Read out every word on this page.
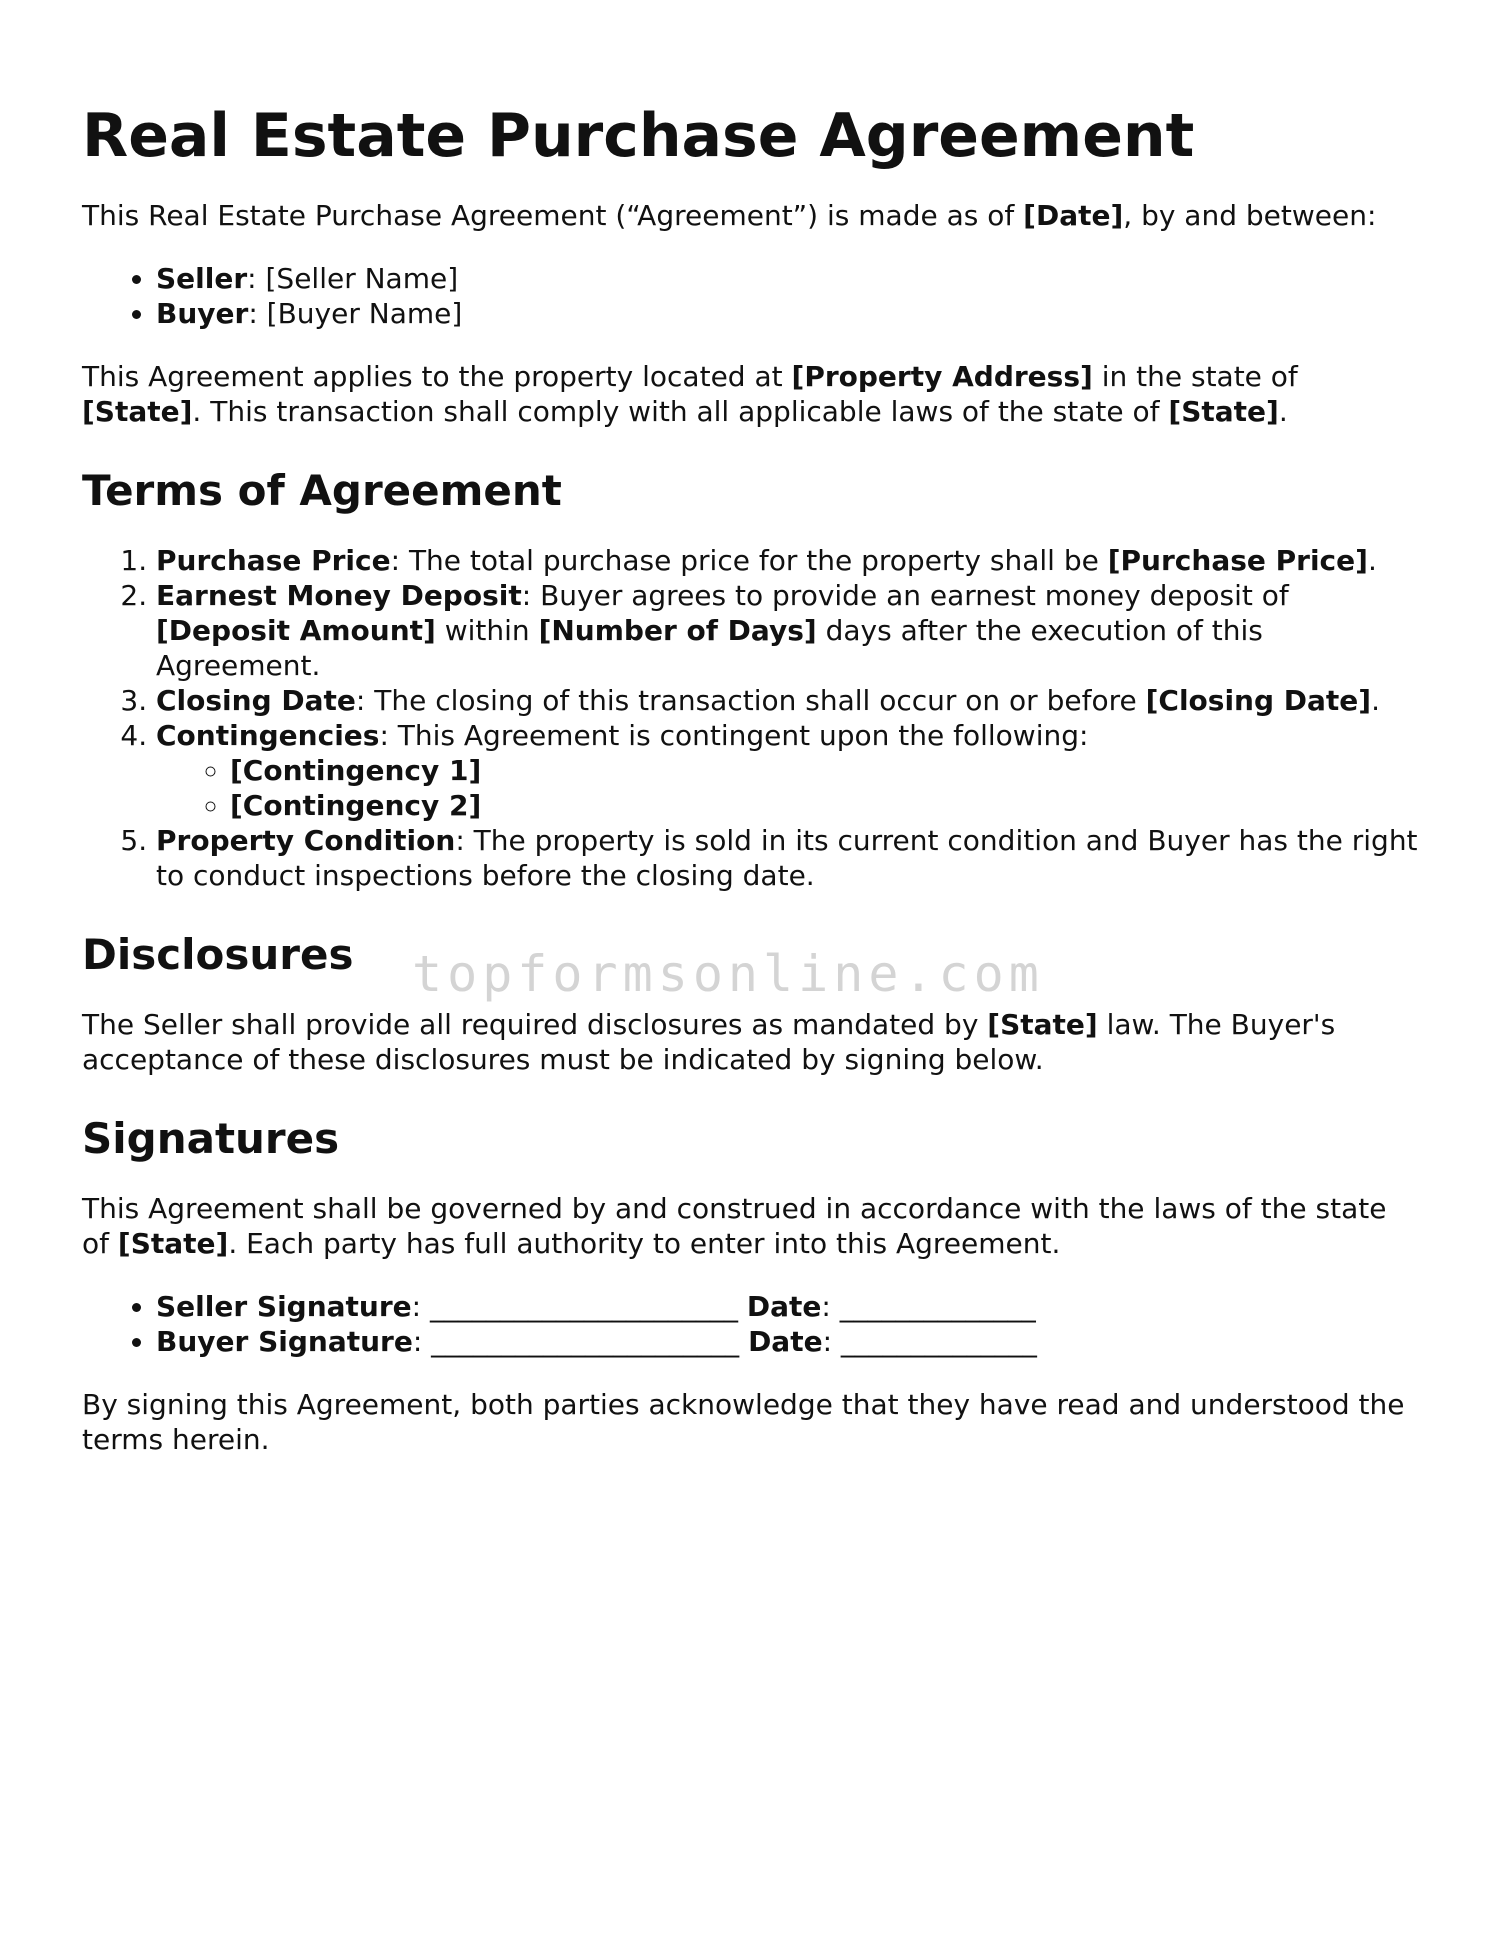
Real Estate Purchase Agreement

This Real Estate Purchase Agreement (“Agreement”) is made as of [Date], by and between:

• Seller: [Seller Name]
• Buyer: [Buyer Name]

This Agreement applies to the property located at [Property Address] in the state of [State]. This transaction shall comply with all applicable laws of the state of [State].

Terms of Agreement
1. Purchase Price: The total purchase price for the property shall be [Purchase Price].
2. Earnest Money Deposit: Buyer agrees to provide an earnest money deposit of [Deposit Amount] within [Number of Days] days after the execution of this Agreement.
3. Closing Date: The closing of this transaction shall occur on or before [Closing Date].
4. Contingencies: This Agreement is contingent upon the following:
◦ [Contingency 1]
◦ [Contingency 2]
5. Property Condition: The property is sold in its current condition and Buyer has the right to conduct inspections before the closing date.
Disclosures

The Seller shall provide all required disclosures as mandated by [State] law. The Buyer's acceptance of these disclosures must be indicated by signing below.

Signatures

This Agreement shall be governed by and construed in accordance with the laws of the state of [State]. Each party has full authority to enter into this Agreement.

• Seller Signature: ______________________ Date: ______________
• Buyer Signature: ______________________ Date: ______________

By signing this Agreement, both parties acknowledge that they have read and understood the terms herein.

topformsonline.com
